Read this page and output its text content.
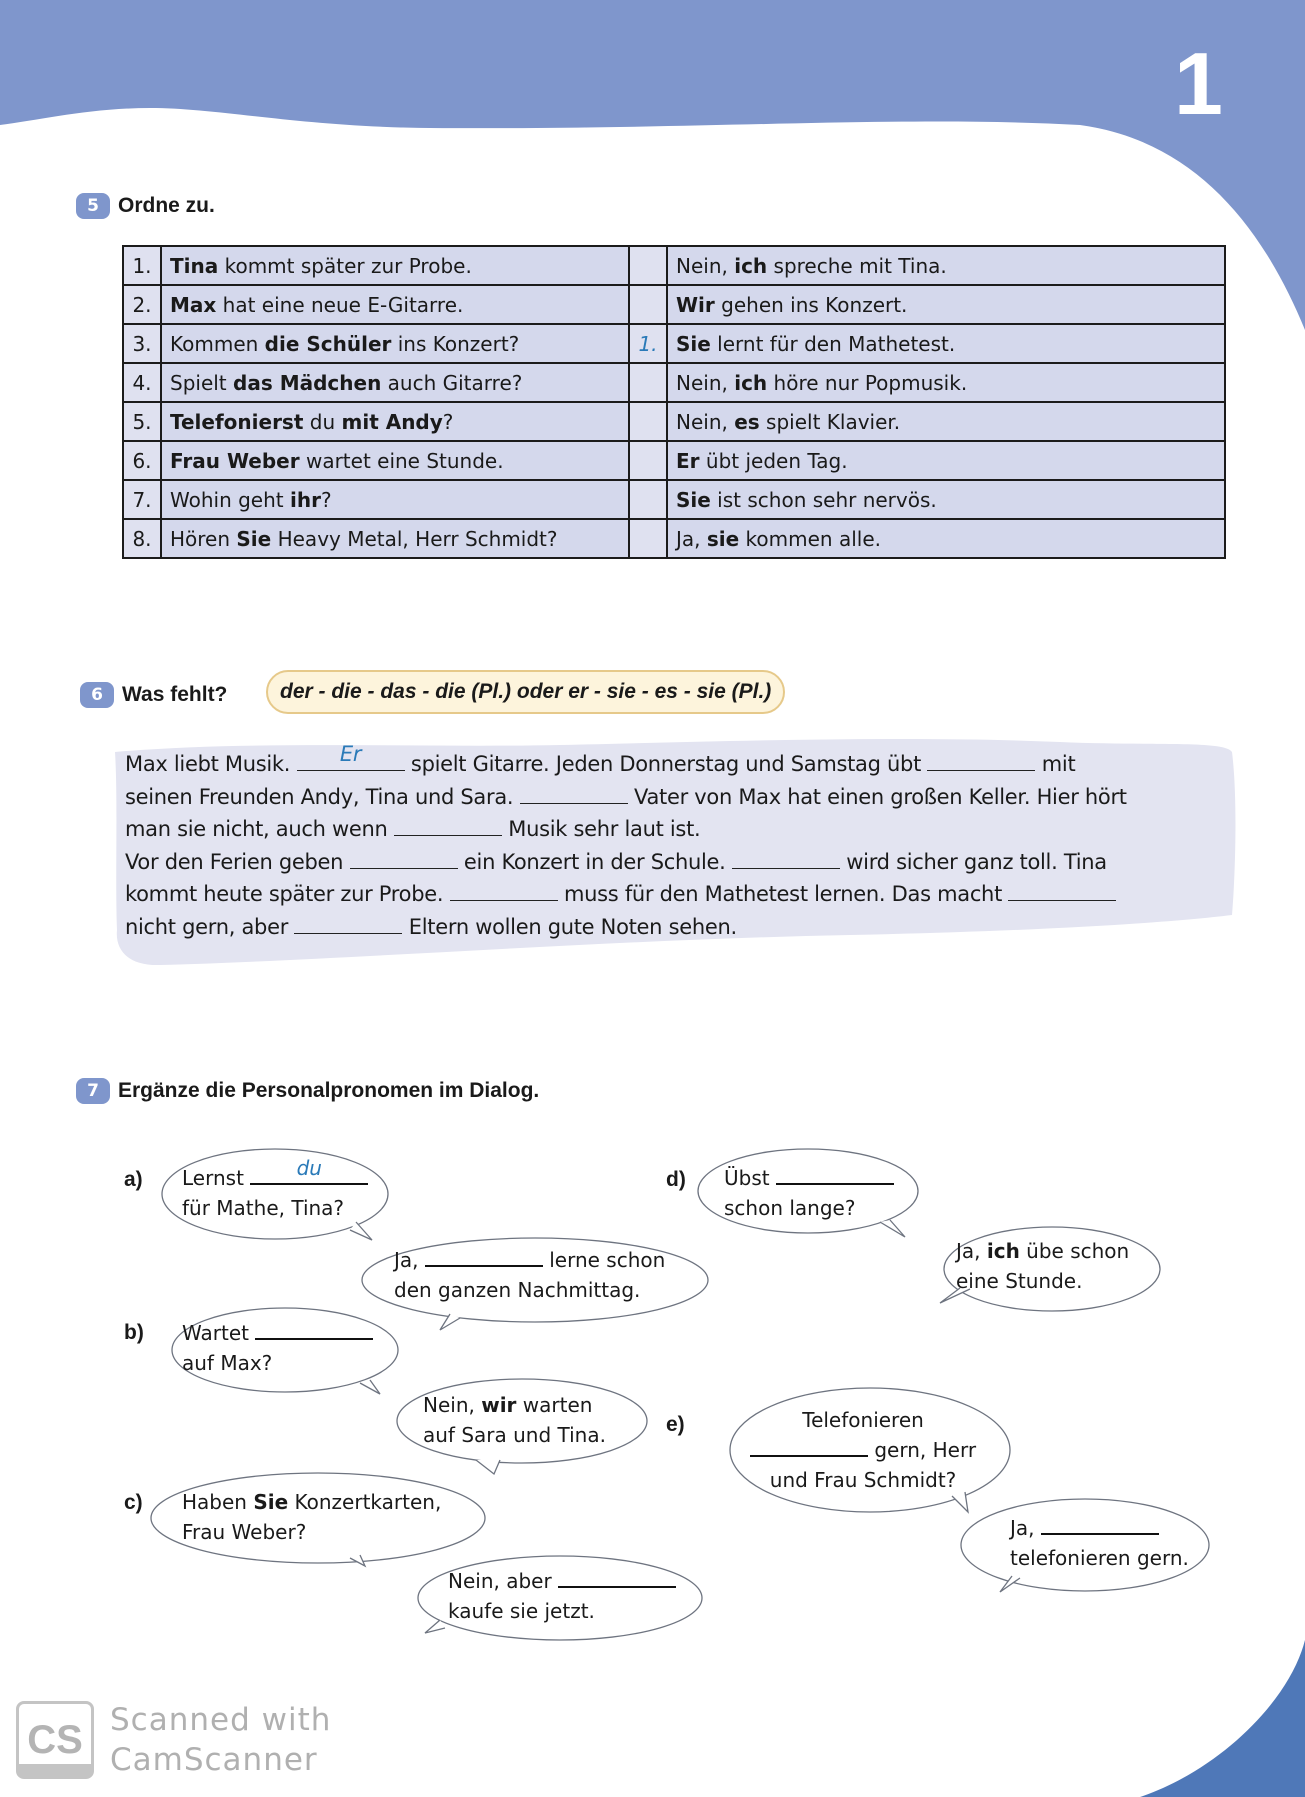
1
5 Ordne zu.
1.	Tina kommt später zur Probe.		Nein, ich spreche mit Tina.
2.	Max hat eine neue E-Gitarre.		Wir gehen ins Konzert.
3.	Kommen die Schüler ins Konzert?	1.	Sie lernt für den Mathetest.
4.	Spielt das Mädchen auch Gitarre?		Nein, ich höre nur Popmusik.
5.	Telefonierst du mit Andy?		Nein, es spielt Klavier.
6.	Frau Weber wartet eine Stunde.		Er übt jeden Tag.
7.	Wohin geht ihr?		Sie ist schon sehr nervös.
8.	Hören Sie Heavy Metal, Herr Schmidt?		Ja, sie kommen alle.
6 Was fehlt?	der - die - das - die (Pl.) oder er - sie - es - sie (Pl.)
Max liebt Musik.	Er	spielt Gitarre. Jeden Donnerstag und Samstag übt	mit
seinen Freunden Andy, Tina und Sara.	Vater von Max hat einen großen Keller. Hier hört
man sie nicht, auch wenn	Musik sehr laut ist.
Vor den Ferien geben	ein Konzert in der Schule.	wird sicher ganz toll. Tina
kommt heute später zur Probe.	muss für den Mathetest lernen. Das macht
nicht gern, aber	Eltern wollen gute Noten sehen.
7 Ergänze die Personalpronomen im Dialog.
a)
b)
c)
d)
e)
Lernst	du
für Mathe, Tina?
Ja,	lerne schon
den ganzen Nachmittag.
Wartet
auf Max?
Nein, wir warten
auf Sara und Tina.
Haben Sie Konzertkarten,
Frau Weber?
Nein, aber
kaufe sie jetzt.
Übst
schon lange?
Ja, ich übe schon
eine Stunde.
Telefonieren
gern, Herr
und Frau Schmidt?
Ja,
telefonieren gern.
CS Scanned with
CamScanner
11
